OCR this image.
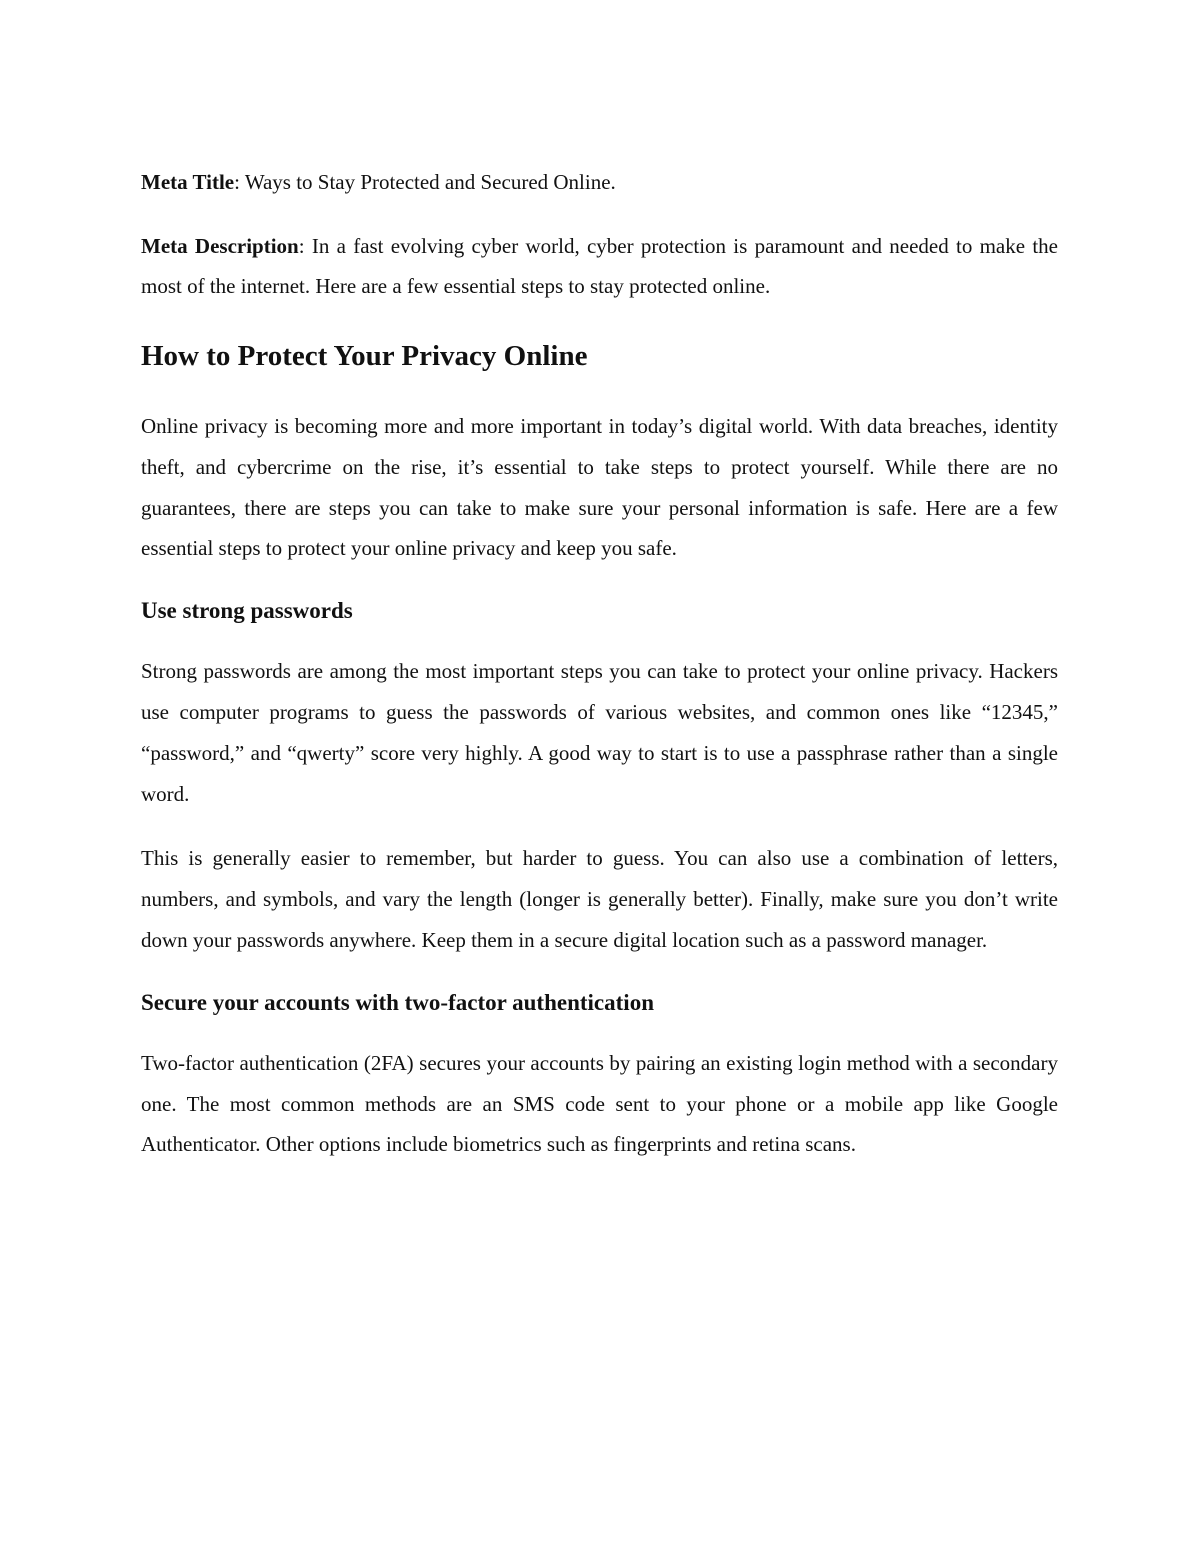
Meta Title: Ways to Stay Protected and Secured Online.

Meta Description: In a fast evolving cyber world, cyber protection is paramount and needed to make the most of the internet. Here are a few essential steps to stay protected online.

How to Protect Your Privacy Online

Online privacy is becoming more and more important in today’s digital world. With data breaches, identity theft, and cybercrime on the rise, it’s essential to take steps to protect yourself. While there are no guarantees, there are steps you can take to make sure your personal information is safe. Here are a few essential steps to protect your online privacy and keep you safe.

Use strong passwords

Strong passwords are among the most important steps you can take to protect your online privacy. Hackers use computer programs to guess the passwords of various websites, and common ones like “12345,” “password,” and “qwerty” score very highly. A good way to start is to use a passphrase rather than a single word.

This is generally easier to remember, but harder to guess. You can also use a combination of letters, numbers, and symbols, and vary the length (longer is generally better). Finally, make sure you don’t write down your passwords anywhere. Keep them in a secure digital location such as a password manager.

Secure your accounts with two-factor authentication

Two-factor authentication (2FA) secures your accounts by pairing an existing login method with a secondary one. The most common methods are an SMS code sent to your phone or a mobile app like Google Authenticator. Other options include biometrics such as fingerprints and retina scans.
